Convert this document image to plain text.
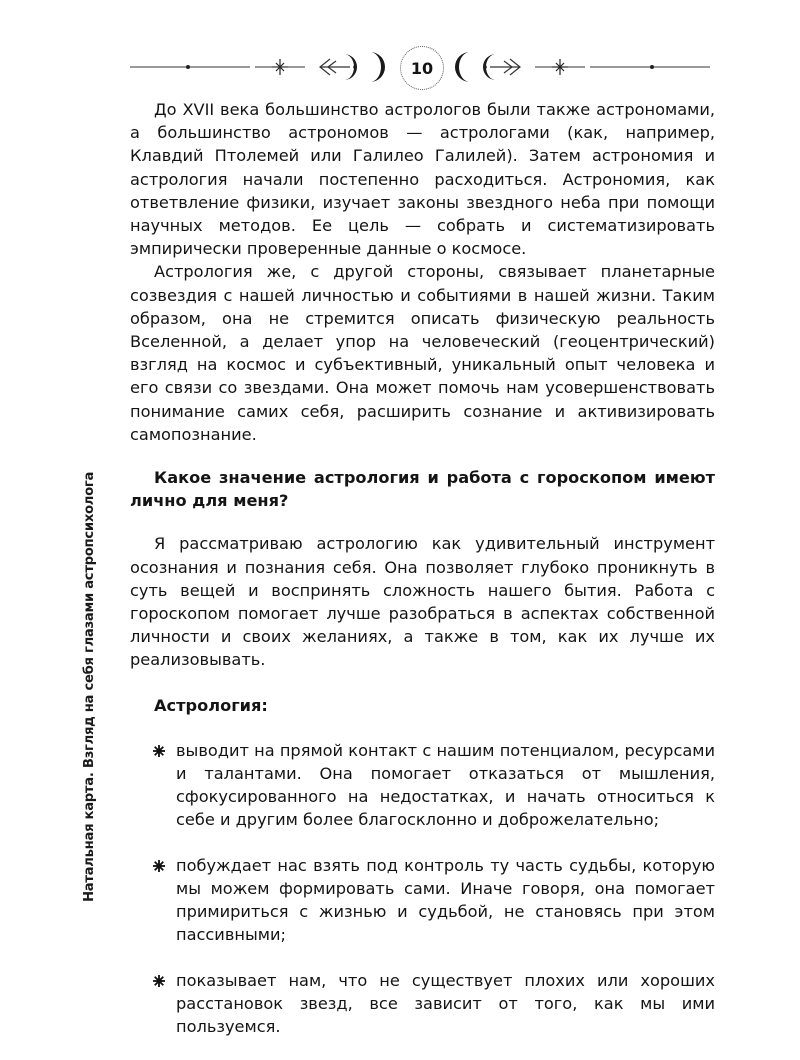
10
Натальная карта. Взгляд на себя глазами астропсихолога

До XVII века большинство астрологов были также астрономами, а большинство астрономов — астрологами (как, например, Клавдий Птолемей или Галилео Галилей). Затем астрономия и астрология начали постепенно расходиться. Астрономия, как ответвление физики, изучает законы звездного неба при помощи научных методов. Ее цель — собрать и систематизировать эмпирически проверенные данные о космосе.

Астрология же, с другой стороны, связывает планетарные созвездия с нашей личностью и событиями в нашей жизни. Таким образом, она не стремится описать физическую реальность Вселенной, а делает упор на человеческий (геоцентрический) взгляд на космос и субъективный, уникальный опыт человека и его связи со звездами. Она может помочь нам усовершенствовать понимание самих себя, расширить сознание и активизировать самопознание.

Какое значение астрология и работа с гороскопом имеют лично для меня?

Я рассматриваю астрологию как удивительный инструмент осознания и познания себя. Она позволяет глубоко проникнуть в суть вещей и воспринять сложность нашего бытия. Работа с гороскопом помогает лучше разобраться в аспектах собственной личности и своих желаниях, а также в том, как их лучше их реализовывать.

Астрология:
выводит на прямой контакт с нашим потенциалом, ресурсами и талантами. Она помогает отказаться от мышления, сфокусированного на недостатках, и начать относиться к себе и другим более благосклонно и доброжелательно;
побуждает нас взять под контроль ту часть судьбы, которую мы можем формировать сами. Иначе говоря, она помогает примириться с жизнью и судьбой, не становясь при этом пассивными;
показывает нам, что не существует плохих или хороших расстановок звезд, все зависит от того, как мы ими пользуемся.
